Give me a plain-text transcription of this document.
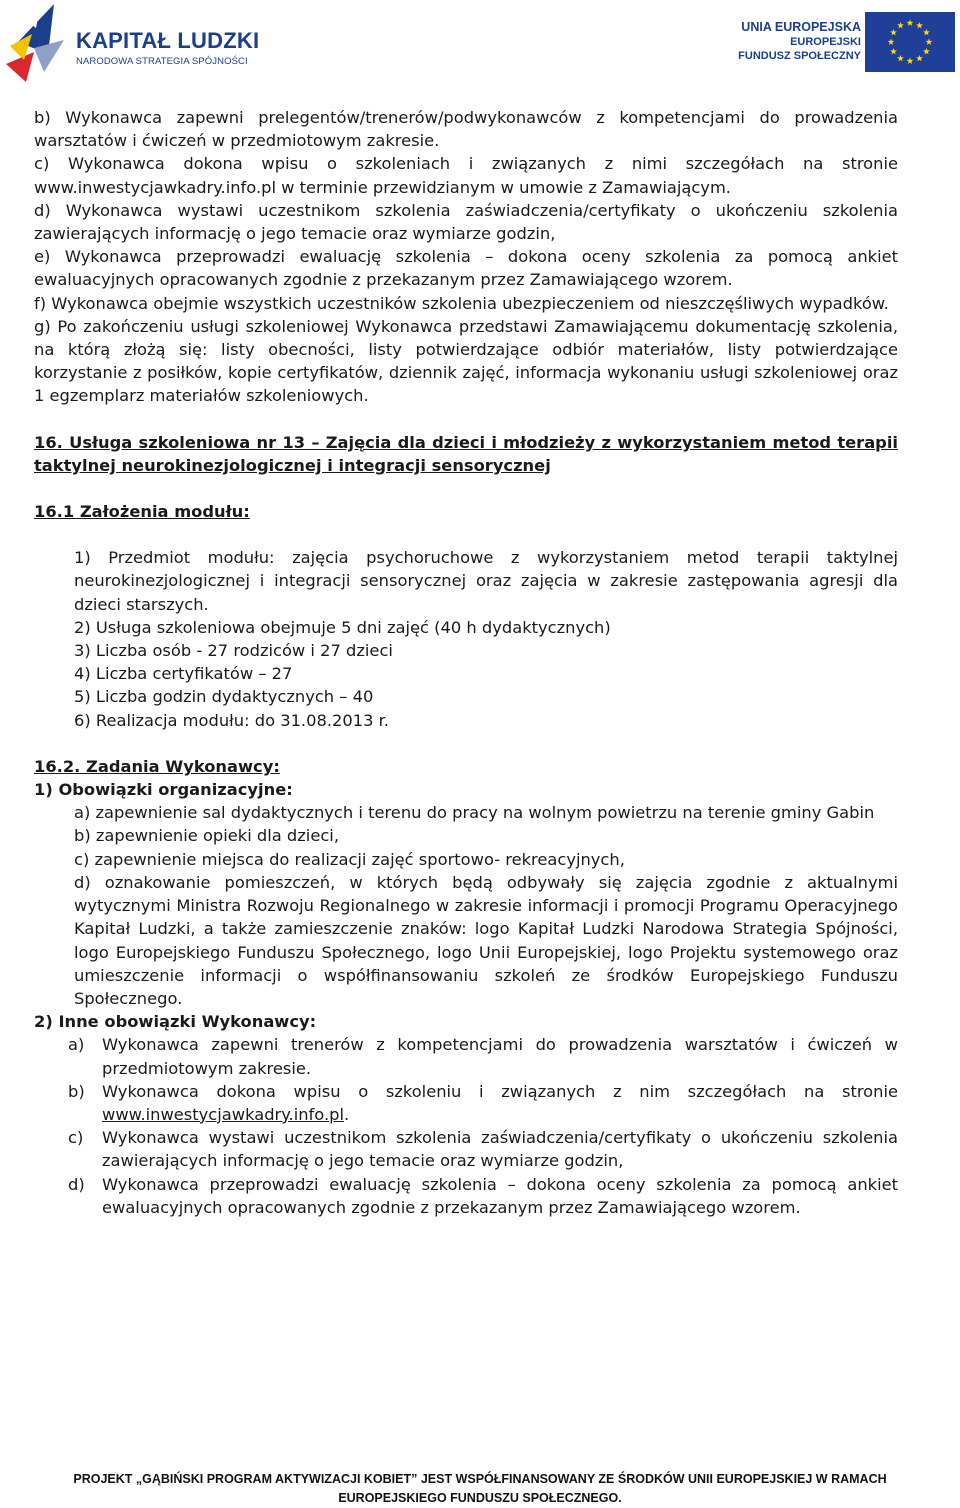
KAPITAŁ LUDZKI
NARODOWA STRATEGIA SPÓJNOŚCI
UNIA EUROPEJSKA
EUROPEJSKI
FUNDUSZ SPOŁECZNY

b) Wykonawca zapewni prelegentów/trenerów/podwykonawców z kompetencjami do prowadzenia warsztatów i ćwiczeń w przedmiotowym zakresie.

c) Wykonawca dokona wpisu o szkoleniach i związanych z nimi szczegółach na stronie www.inwestycjawkadry.info.pl w terminie przewidzianym w umowie z Zamawiającym.

d) Wykonawca wystawi uczestnikom szkolenia zaświadczenia/certyfikaty o ukończeniu szkolenia zawierających informację o jego temacie oraz wymiarze godzin,

e) Wykonawca przeprowadzi ewaluację szkolenia – dokona oceny szkolenia za pomocą ankiet ewaluacyjnych opracowanych zgodnie z przekazanym przez Zamawiającego wzorem.

f) Wykonawca obejmie wszystkich uczestników szkolenia ubezpieczeniem od nieszczęśliwych wypadków.

g) Po zakończeniu usługi szkoleniowej Wykonawca przedstawi Zamawiającemu dokumentację szkolenia, na którą złożą się: listy obecności, listy potwierdzające odbiór materiałów, listy potwierdzające korzystanie z posiłków, kopie certyfikatów, dziennik zajęć, informacja wykonaniu usługi szkoleniowej oraz 1 egzemplarz materiałów szkoleniowych.

16. Usługa szkoleniowa nr 13 – Zajęcia dla dzieci i młodzieży z wykorzystaniem metod terapii taktylnej neurokinezjologicznej i integracji sensorycznej

16.1 Założenia modułu:

1) Przedmiot modułu: zajęcia psychoruchowe z wykorzystaniem metod terapii taktylnej neurokinezjologicznej i integracji sensorycznej oraz zajęcia w zakresie zastępowania agresji dla dzieci starszych.

2) Usługa szkoleniowa obejmuje 5 dni zajęć (40 h dydaktycznych)

3) Liczba osób - 27 rodziców i 27 dzieci

4) Liczba certyfikatów – 27

5) Liczba godzin dydaktycznych – 40

6) Realizacja modułu: do 31.08.2013 r.

16.2. Zadania Wykonawcy:

1) Obowiązki organizacyjne:

a) zapewnienie sal dydaktycznych i terenu do pracy na wolnym powietrzu na terenie gminy Gabin

b) zapewnienie opieki dla dzieci,

c) zapewnienie miejsca do realizacji zajęć sportowo- rekreacyjnych,

d) oznakowanie pomieszczeń, w których będą odbywały się zajęcia zgodnie z aktualnymi wytycznymi Ministra Rozwoju Regionalnego w zakresie informacji i promocji Programu Operacyjnego Kapitał Ludzki, a także zamieszczenie znaków: logo Kapitał Ludzki Narodowa Strategia Spójności, logo Europejskiego Funduszu Społecznego, logo Unii Europejskiej, logo Projektu systemowego oraz umieszczenie informacji o współfinansowaniu szkoleń ze środków Europejskiego Funduszu Społecznego.

2) Inne obowiązki Wykonawcy:

a)	Wykonawca zapewni trenerów z kompetencjami do prowadzenia warsztatów i ćwiczeń w przedmiotowym zakresie.
b)	Wykonawca dokona wpisu o szkoleniu i związanych z nim szczegółach na stronie www.inwestycjawkadry.info.pl.
c)	Wykonawca wystawi uczestnikom szkolenia zaświadczenia/certyfikaty o ukończeniu szkolenia zawierających informację o jego temacie oraz wymiarze godzin,
d)	Wykonawca przeprowadzi ewaluację szkolenia – dokona oceny szkolenia za pomocą ankiet ewaluacyjnych opracowanych zgodnie z przekazanym przez Zamawiającego wzorem.
PROJEKT „GĄBIŃSKI PROGRAM AKTYWIZACJI KOBIET” JEST WSPÓŁFINANSOWANY ZE ŚRODKÓW UNII EUROPEJSKIEJ W RAMACH
EUROPEJSKIEGO FUNDUSZU SPOŁECZNEGO.
